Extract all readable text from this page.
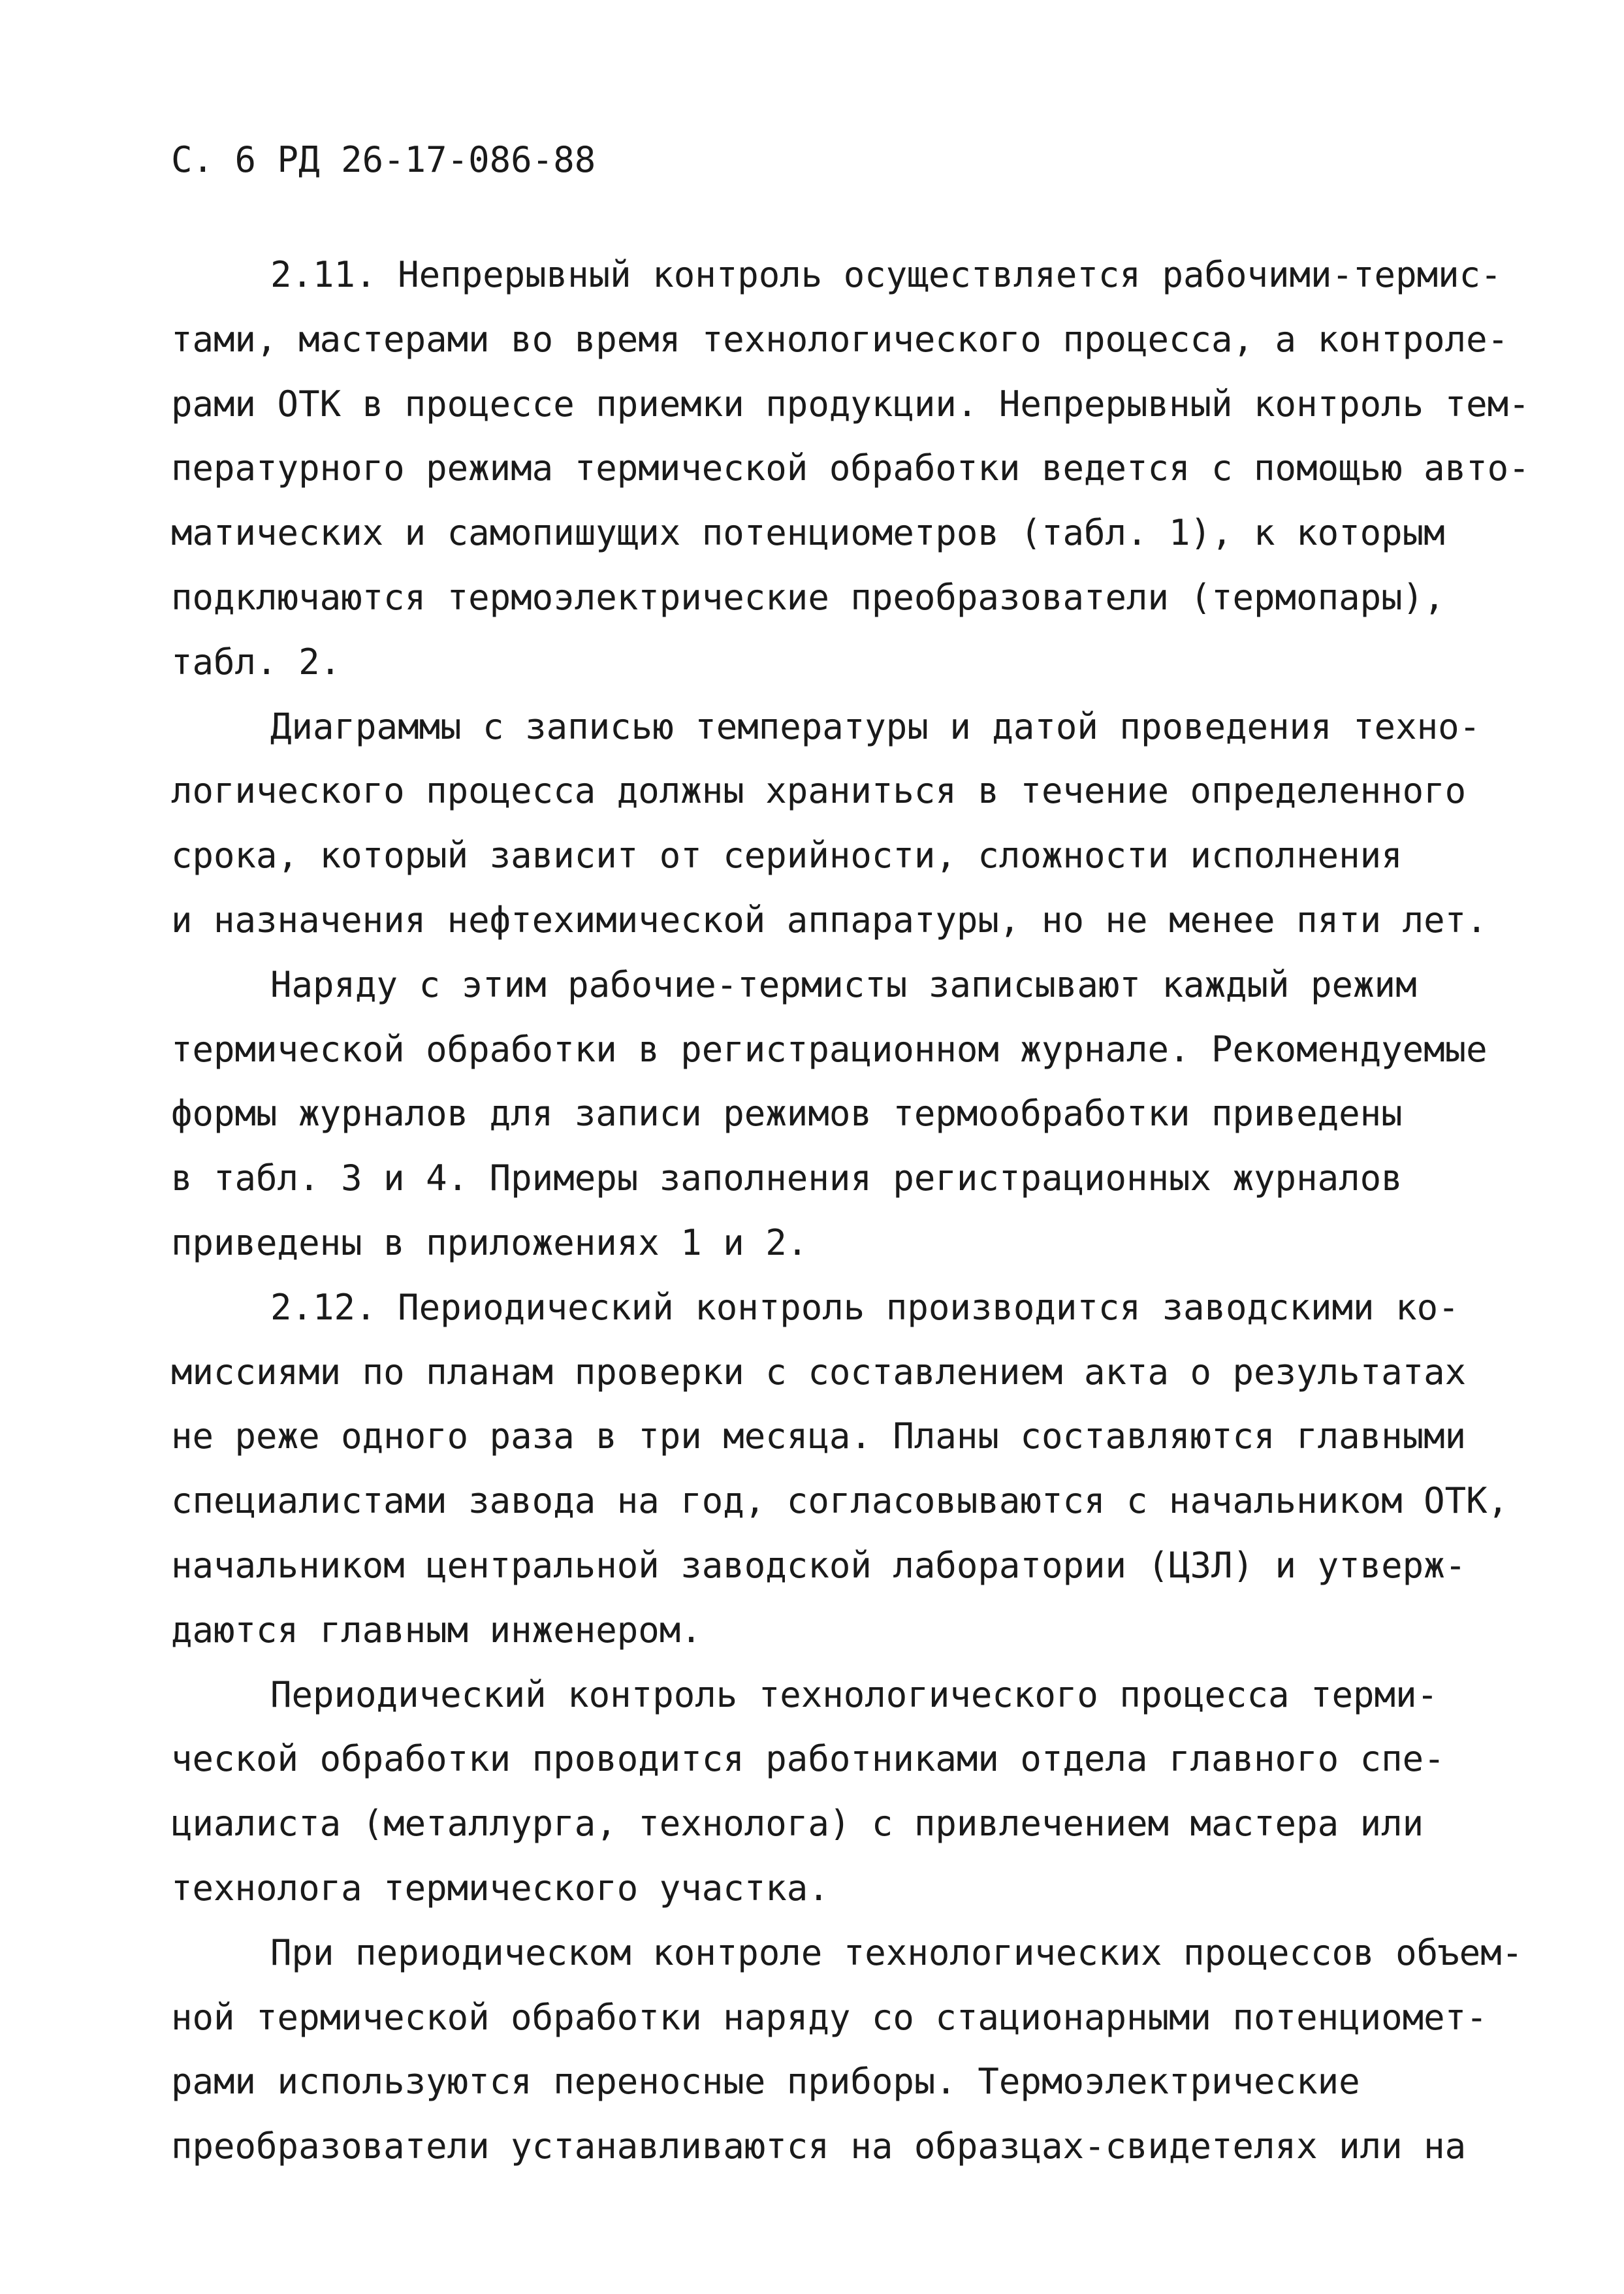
С. 6 РД 26-17-086-88
2.11. Непрерывный контроль осуществляется рабочими-термис-
тами, мастерами во время технологического процесса, а контроле-
рами ОТК в процессе приемки продукции. Непрерывный контроль тем-
пературного режима термической обработки ведется с помощью авто-
матических и самопишущих потенциометров (табл. 1), к которым
подключаются термоэлектрические преобразователи (термопары),
табл. 2.
Диаграммы с записью температуры и датой проведения техно-
логического процесса должны храниться в течение определенного
срока, который зависит от серийности, сложности исполнения
и назначения нефтехимической аппаратуры, но не менее пяти лет.
Наряду с этим рабочие-термисты записывают каждый режим
термической обработки в регистрационном журнале. Рекомендуемые
формы журналов для записи режимов термообработки приведены
в табл. 3 и 4. Примеры заполнения регистрационных журналов
приведены в приложениях 1 и 2.
2.12. Периодический контроль производится заводскими ко-
миссиями по планам проверки с составлением акта о результатах
не реже одного раза в три месяца. Планы составляются главными
специалистами завода на год, согласовываются с начальником ОТК,
начальником центральной заводской лаборатории (ЦЗЛ) и утверж-
даются главным инженером.
Периодический контроль технологического процесса терми-
ческой обработки проводится работниками отдела главного спе-
циалиста (металлурга, технолога) с привлечением мастера или
технолога термического участка.
При периодическом контроле технологических процессов объем-
ной термической обработки наряду со стационарными потенциомет-
рами используются переносные приборы. Термоэлектрические
преобразователи устанавливаются на образцах-свидетелях или на
